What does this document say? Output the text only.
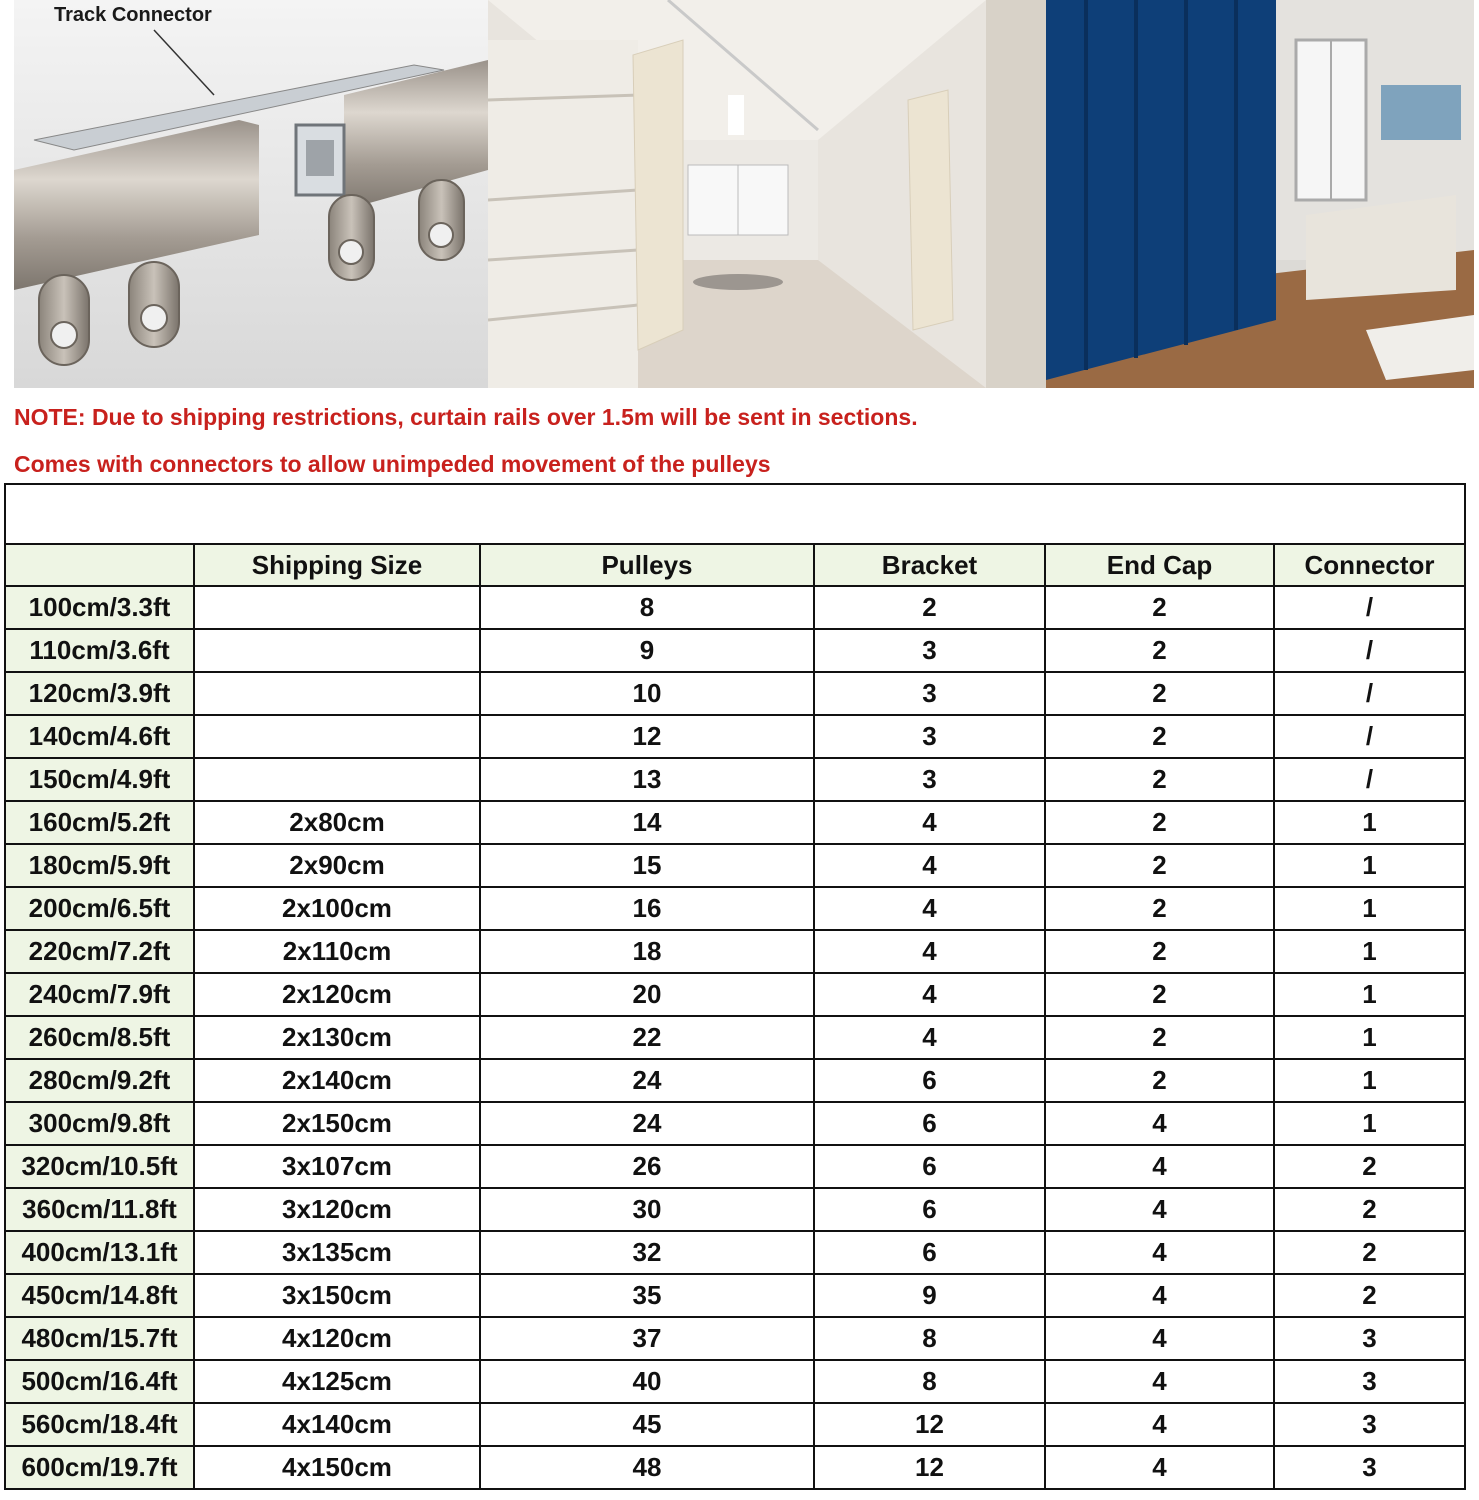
Track Connector
NOTE: Due to shipping restrictions, curtain rails over 1.5m will be sent in sections.
Comes with connectors to allow unimpeded movement of the pulleys

	Shipping Size	Pulleys	Bracket	End Cap	Connector
100cm/3.3ft		8	2	2	/
110cm/3.6ft		9	3	2	/
120cm/3.9ft		10	3	2	/
140cm/4.6ft		12	3	2	/
150cm/4.9ft		13	3	2	/
160cm/5.2ft	2x80cm	14	4	2	1
180cm/5.9ft	2x90cm	15	4	2	1
200cm/6.5ft	2x100cm	16	4	2	1
220cm/7.2ft	2x110cm	18	4	2	1
240cm/7.9ft	2x120cm	20	4	2	1
260cm/8.5ft	2x130cm	22	4	2	1
280cm/9.2ft	2x140cm	24	6	2	1
300cm/9.8ft	2x150cm	24	6	4	1
320cm/10.5ft	3x107cm	26	6	4	2
360cm/11.8ft	3x120cm	30	6	4	2
400cm/13.1ft	3x135cm	32	6	4	2
450cm/14.8ft	3x150cm	35	9	4	2
480cm/15.7ft	4x120cm	37	8	4	3
500cm/16.4ft	4x125cm	40	8	4	3
560cm/18.4ft	4x140cm	45	12	4	3
600cm/19.7ft	4x150cm	48	12	4	3
